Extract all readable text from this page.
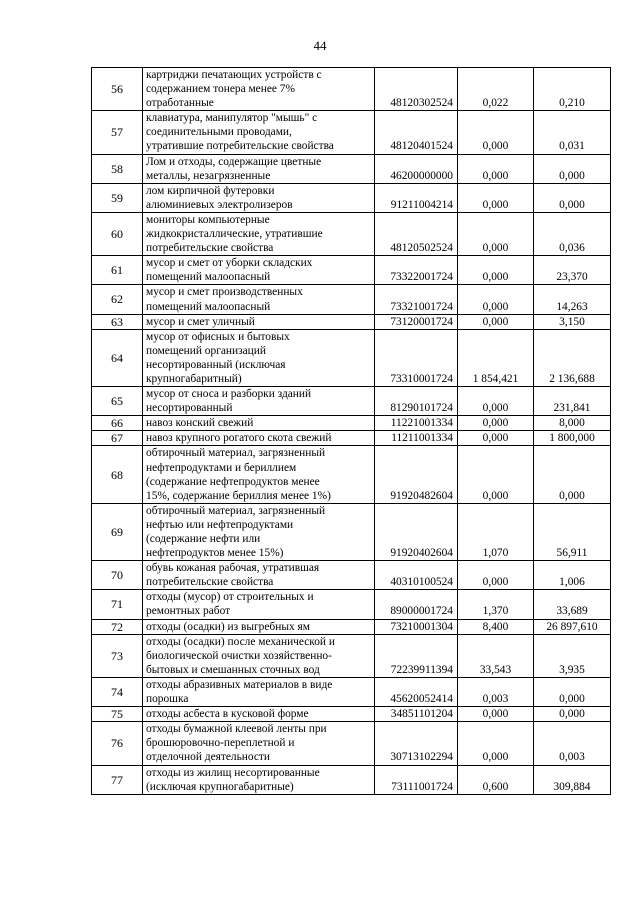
44
56	картриджи печатающих устройств с
содержанием тонера менее 7%
отработанные	48120302524	0,022	0,210
57	клавиатура, манипулятор "мышь" с
соединительными проводами,
утратившие потребительские свойства	48120401524	0,000	0,031
58	Лом и отходы, содержащие цветные
металлы, незагрязненные	46200000000	0,000	0,000
59	лом кирпичной футеровки
алюминиевых электролизеров	91211004214	0,000	0,000
60	мониторы компьютерные
жидкокристаллические, утратившие
потребительские свойства	48120502524	0,000	0,036
61	мусор и смет от уборки складских
помещений малоопасный	73322001724	0,000	23,370
62	мусор и смет производственных
помещений малоопасный	73321001724	0,000	14,263
63	мусор и смет уличный	73120001724	0,000	3,150
64	мусор от офисных и бытовых
помещений организаций
несортированный (исключая
крупногабаритный)	73310001724	1 854,421	2 136,688
65	мусор от сноса и разборки зданий
несортированный	81290101724	0,000	231,841
66	навоз конский свежий	11221001334	0,000	8,000
67	навоз крупного рогатого скота свежий	11211001334	0,000	1 800,000
68	обтирочный материал, загрязненный
нефтепродуктами и бериллием
(содержание нефтепродуктов менее
15%, содержание бериллия менее 1%)	91920482604	0,000	0,000
69	обтирочный материал, загрязненный
нефтью или нефтепродуктами
(содержание нефти или
нефтепродуктов менее 15%)	91920402604	1,070	56,911
70	обувь кожаная рабочая, утратившая
потребительские свойства	40310100524	0,000	1,006
71	отходы (мусор) от строительных и
ремонтных работ	89000001724	1,370	33,689
72	отходы (осадки) из выгребных ям	73210001304	8,400	26 897,610
73	отходы (осадки) после механической и
биологической очистки хозяйственно-
бытовых и смешанных сточных вод	72239911394	33,543	3,935
74	отходы абразивных материалов в виде
порошка	45620052414	0,003	0,000
75	отходы асбеста в кусковой форме	34851101204	0,000	0,000
76	отходы бумажной клеевой ленты при
брошюровочно-переплетной и
отделочной деятельности	30713102294	0,000	0,003
77	отходы из жилищ несортированные
(исключая крупногабаритные)	73111001724	0,600	309,884
